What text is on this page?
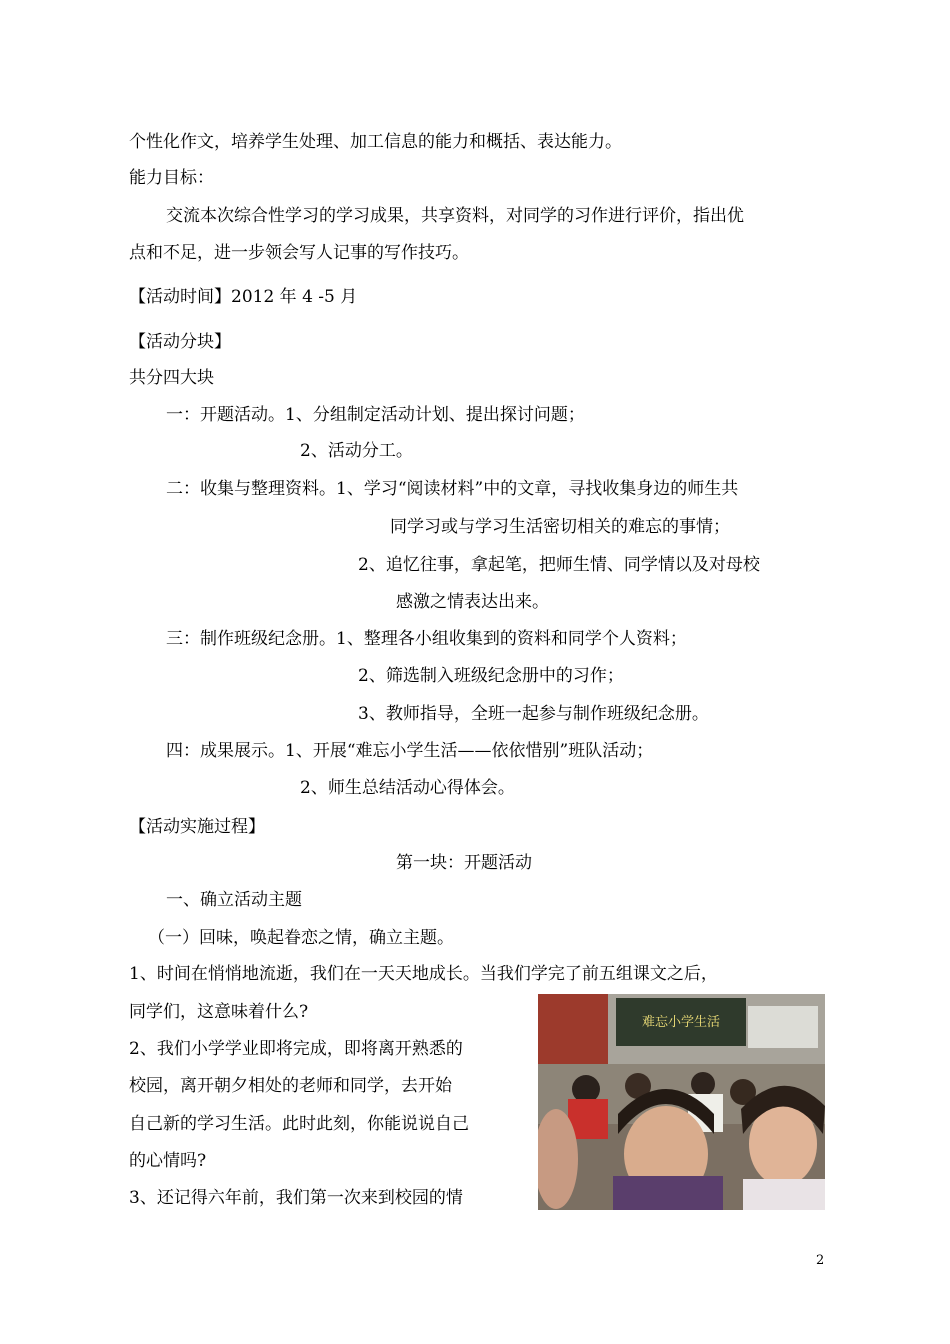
个性化作文，培养学生处理、加工信息的能力和概括、表达能力。
能力目标：
交流本次综合性学习的学习成果，共享资料，对同学的习作进行评价，指出优
点和不足，进一步领会写人记事的写作技巧。
【活动时间】2012 年 4 -5 月
【活动分块】
共分四大块
一：开题活动。1、分组制定活动计划、提出探讨问题；
2、活动分工。
二：收集与整理资料。1、学习“阅读材料”中的文章，寻找收集身边的师生共
同学习或与学习生活密切相关的难忘的事情；
2、追忆往事，拿起笔，把师生情、同学情以及对母校
感激之情表达出来。
三：制作班级纪念册。1、整理各小组收集到的资料和同学个人资料；
2、筛选制入班级纪念册中的习作；
3、教师指导，全班一起参与制作班级纪念册。
四：成果展示。1、开展“难忘小学生活——依依惜别”班队活动；
2、师生总结活动心得体会。
【活动实施过程】
第一块：开题活动
一、确立活动主题
（一）回味，唤起眷恋之情，确立主题。
1、时间在悄悄地流逝，我们在一天天地成长。当我们学完了前五组课文之后，
同学们，这意味着什么?
2、我们小学学业即将完成，即将离开熟悉的
校园，离开朝夕相处的老师和同学，去开始
自己新的学习生活。此时此刻，你能说说自己
的心情吗?
3、还记得六年前，我们第一次来到校园的情
难忘小学生活
2
